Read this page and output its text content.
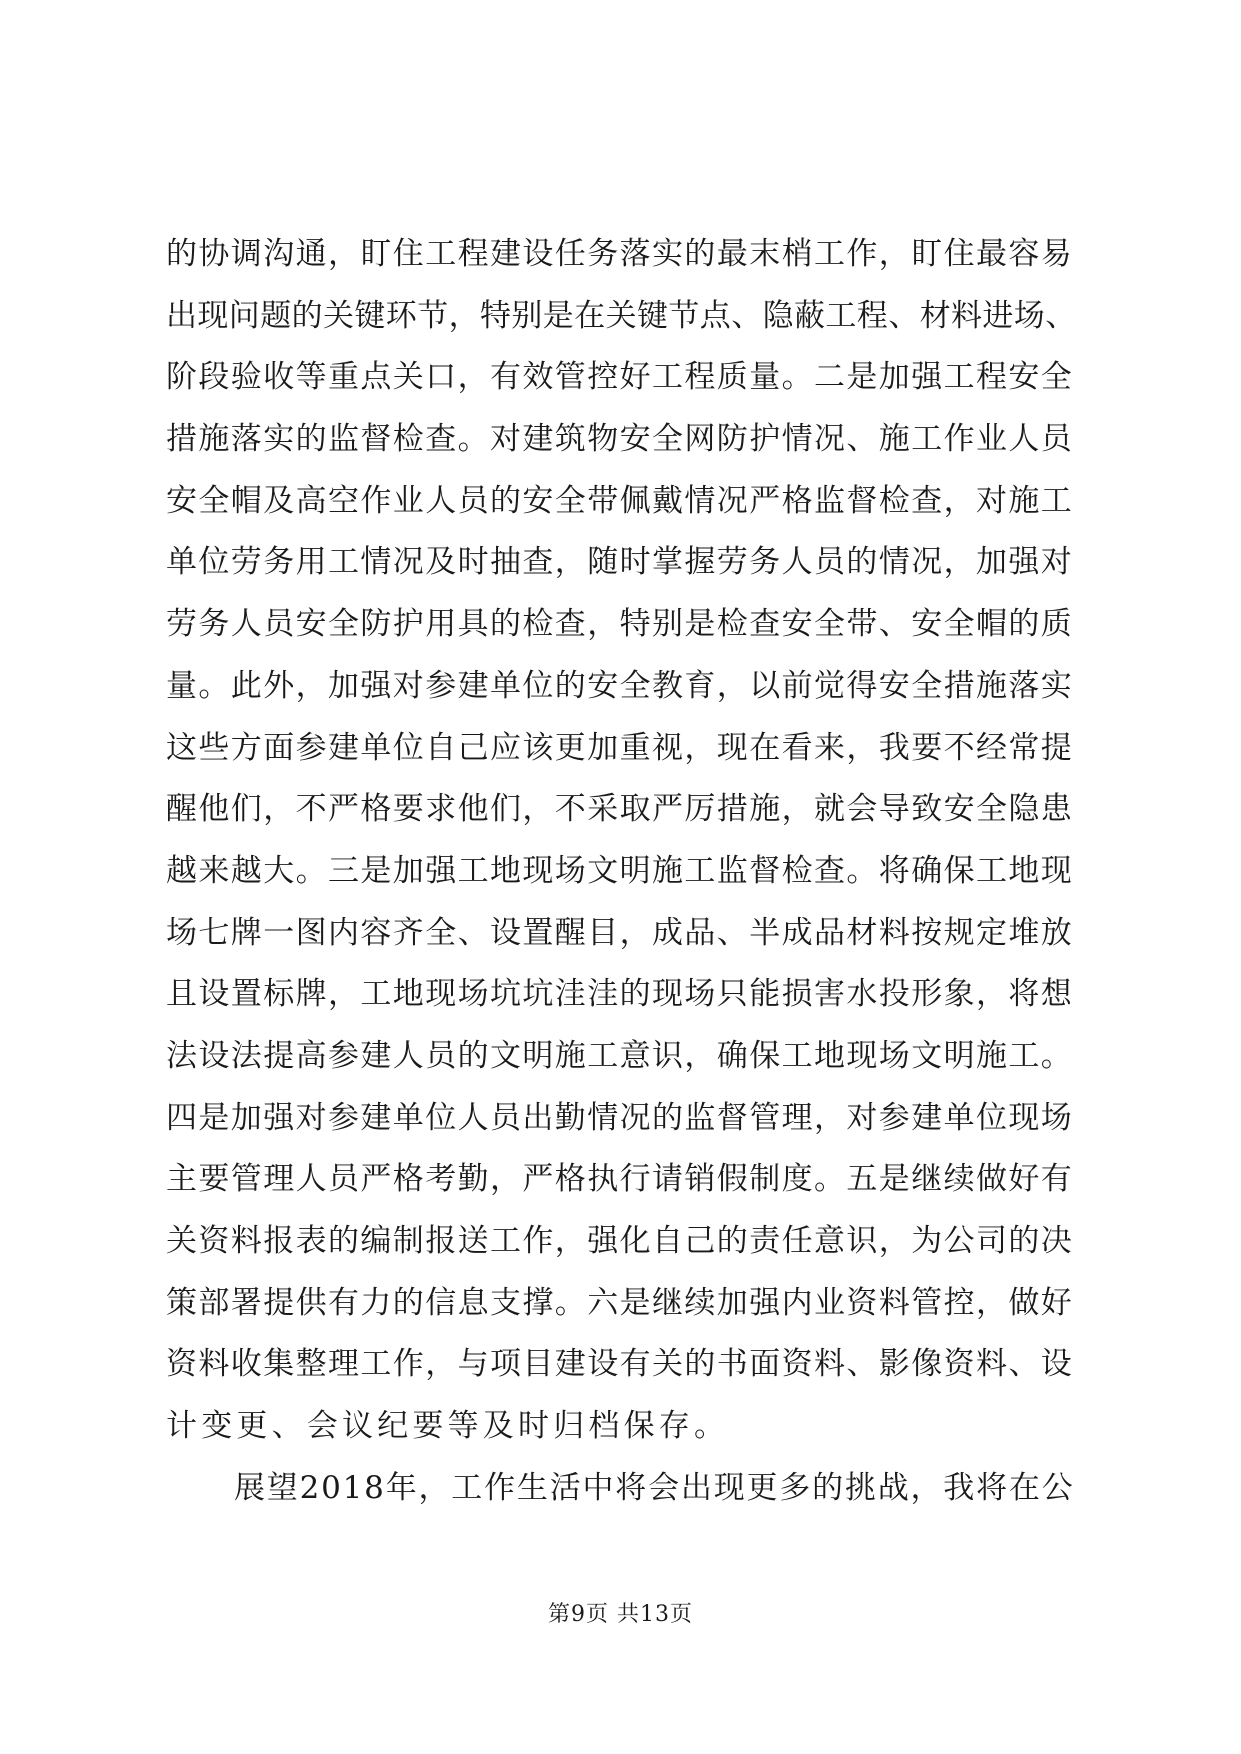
的协调沟通，盯住工程建设任务落实的最末梢工作，盯住最容易

出现问题的关键环节，特别是在关键节点、隐蔽工程、材料进场、

阶段验收等重点关口，有效管控好工程质量。二是加强工程安全

措施落实的监督检查。对建筑物安全网防护情况、施工作业人员

安全帽及高空作业人员的安全带佩戴情况严格监督检查，对施工

单位劳务用工情况及时抽查，随时掌握劳务人员的情况，加强对

劳务人员安全防护用具的检查，特别是检查安全带、安全帽的质

量。此外，加强对参建单位的安全教育，以前觉得安全措施落实

这些方面参建单位自己应该更加重视，现在看来，我要不经常提

醒他们，不严格要求他们，不采取严厉措施，就会导致安全隐患

越来越大。三是加强工地现场文明施工监督检查。将确保工地现

场七牌一图内容齐全、设置醒目，成品、半成品材料按规定堆放

且设置标牌，工地现场坑坑洼洼的现场只能损害水投形象，将想

法设法提高参建人员的文明施工意识，确保工地现场文明施工。

四是加强对参建单位人员出勤情况的监督管理，对参建单位现场

主要管理人员严格考勤，严格执行请销假制度。五是继续做好有

关资料报表的编制报送工作，强化自己的责任意识，为公司的决

策部署提供有力的信息支撑。六是继续加强内业资料管控，做好

资料收集整理工作，与项目建设有关的书面资料、影像资料、设

计变更、会议纪要等及时归档保存。

展望2018年，工作生活中将会出现更多的挑战，我将在公

第9页 共13页
